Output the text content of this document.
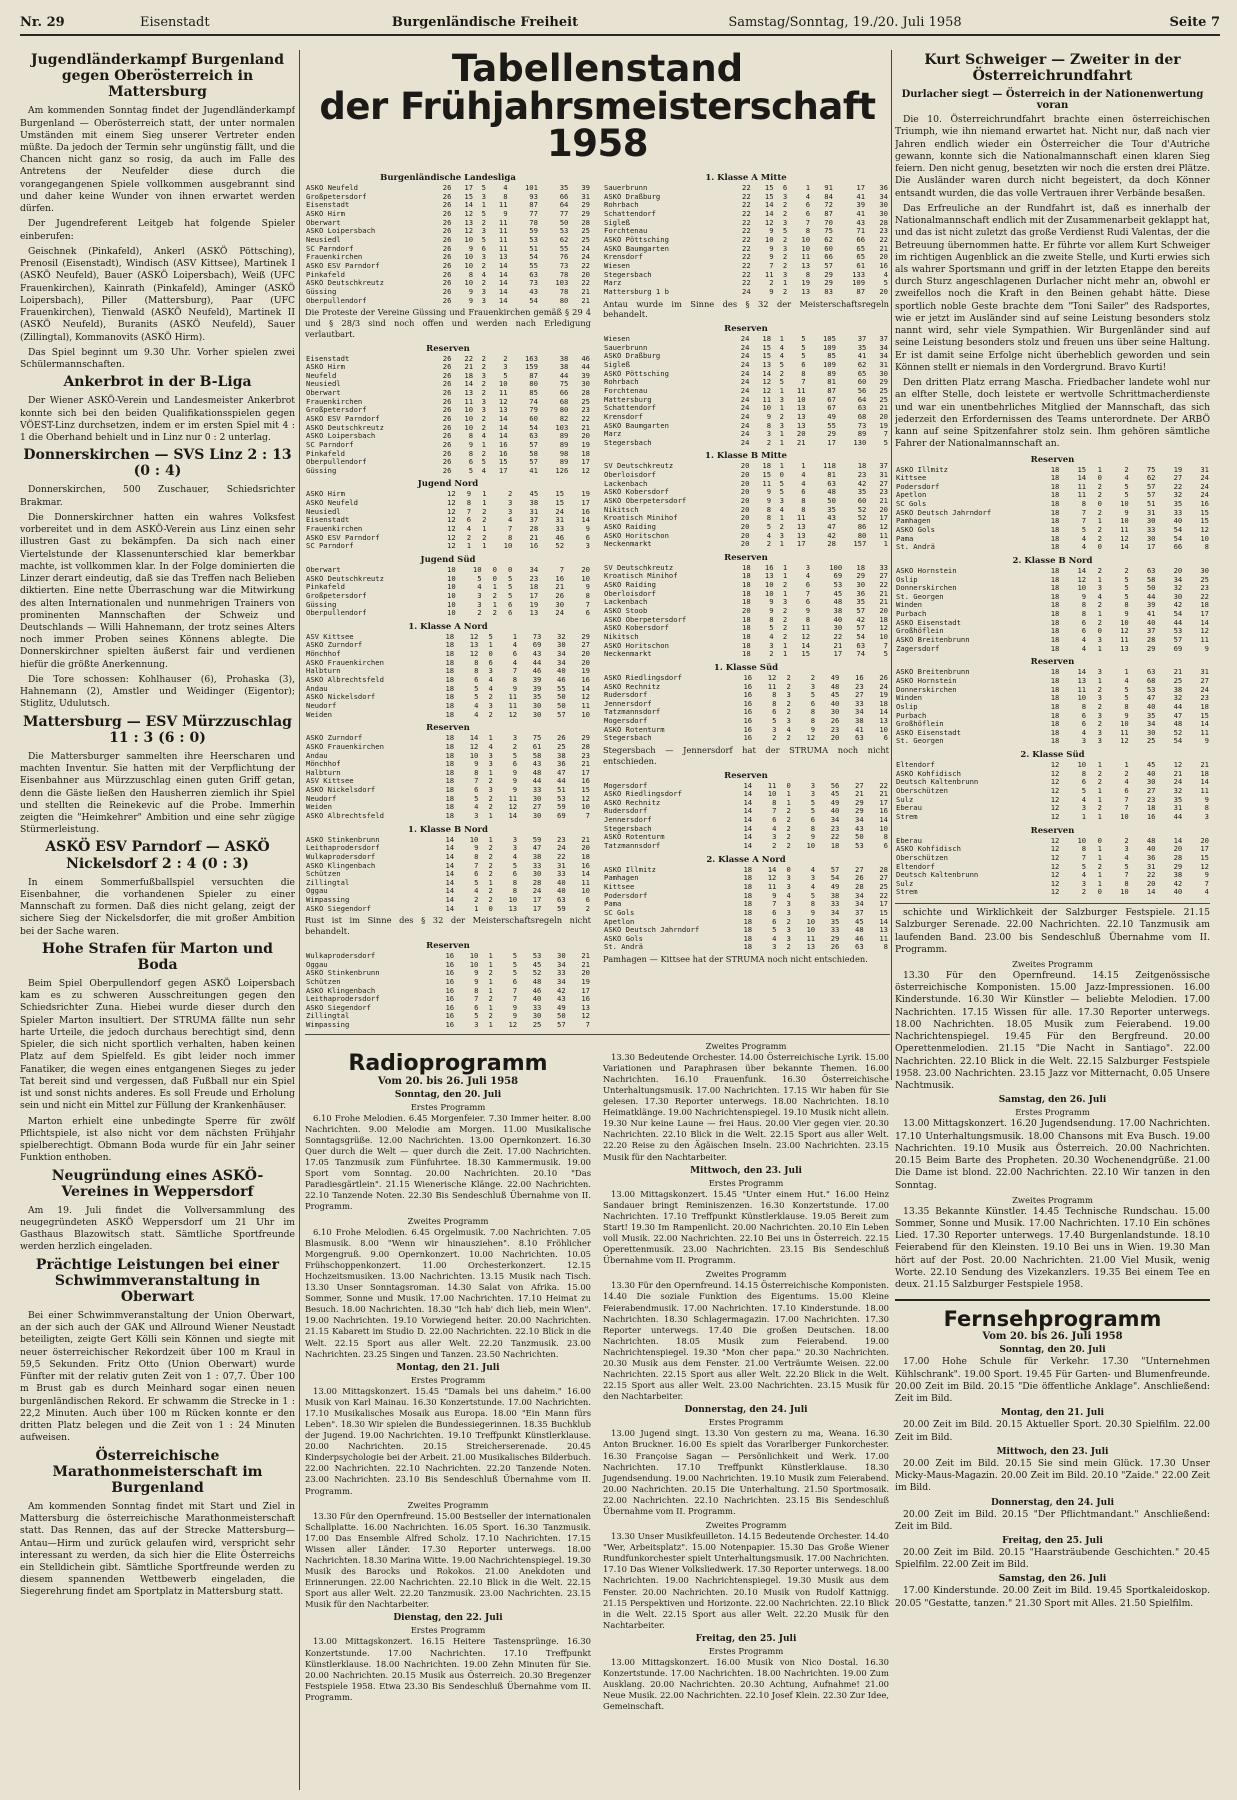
Nr. 29	Eisenstadt	Burgenländische Freiheit	Samstag/Sonntag, 19./20. Juli 1958	Seite 7
Jugendländerkampf Burgenland gegen Oberösterreich in Mattersburg

Am kommenden Sonntag findet der Jugendländerkampf Burgenland — Oberösterreich statt, der unter normalen Umständen mit einem Sieg unserer Vertreter enden müßte. Da jedoch der Termin sehr ungünstig fällt, und die Chancen nicht ganz so rosig, da auch im Falle des Antretens der Neufelder diese durch die vorangegangenen Spiele vollkommen ausgebrannt sind und daher keine Wunder von ihnen erwartet werden dürfen.

Der Jugendreferent Leitgeb hat folgende Spieler einberufen:

Geischnek (Pinkafeld), Ankerl (ASKÖ Pöttsching), Prenosil (Eisenstadt), Windisch (ASV Kittsee), Martinek I (ASKÖ Neufeld), Bauer (ASKÖ Loipersbach), Weiß (UFC Frauenkirchen), Kainrath (Pinkafeld), Aminger (ASKÖ Loipersbach), Piller (Mattersburg), Paar (UFC Frauenkirchen), Tienwald (ASKÖ Neufeld), Martinek II (ASKÖ Neufeld), Buranits (ASKÖ Neufeld), Sauer (Zillingtal), Kommanovits (ASKÖ Hirm).

Das Spiel beginnt um 9.30 Uhr. Vorher spielen zwei Schülermannschaften.

Ankerbrot in der B-Liga

Der Wiener ASKÖ-Verein und Landesmeister Ankerbrot konnte sich bei den beiden Qualifikationsspielen gegen VÖEST-Linz durchsetzen, indem er im ersten Spiel mit 4 : 1 die Oberhand behielt und in Linz nur 0 : 2 unterlag.

Donnerskirchen — SVS Linz 2 : 13 (0 : 4)

Donnerskirchen, 500 Zuschauer, Schiedsrichter Brakmar.

Die Donnerskirchner hatten ein wahres Volksfest vorbereitet und in dem ASKÖ-Verein aus Linz einen sehr illustren Gast zu bekämpfen. Da sich nach einer Viertelstunde der Klassenunterschied klar bemerkbar machte, ist vollkommen klar. In der Folge dominierten die Linzer derart eindeutig, daß sie das Treffen nach Belieben diktierten. Eine nette Überraschung war die Mitwirkung des alten Internationalen und nunmehrigen Trainers von prominenten Mannschaften der Schweiz und Deutschlands — Willi Hahnemann, der trotz seines Alters noch immer Proben seines Könnens ablegte. Die Donnerskirchner spielten äußerst fair und verdienen hiefür die größte Anerkennung.

Die Tore schossen: Kohlhauser (6), Prohaska (3), Hahnemann (2), Amstler und Weidinger (Eigentor); Stiglitz, Udulutsch.

Mattersburg — ESV Mürzzuschlag 11 : 3 (6 : 0)

Die Mattersburger sammelten ihre Heerscharen und machten Inventur. Sie hatten mit der Verpflichtung der Eisenbahner aus Mürzzuschlag einen guten Griff getan, denn die Gäste ließen den Hausherren ziemlich ihr Spiel und stellten die Reinekevic auf die Probe. Immerhin zeigten die "Heimkehrer" Ambition und eine sehr zügige Stürmerleistung.

ASKÖ ESV Parndorf — ASKÖ Nickelsdorf 2 : 4 (0 : 3)

In einem Sommerfußballspiel versuchten die Eisenbahner, die vorhandenen Spieler zu einer Mannschaft zu formen. Daß dies nicht gelang, zeigt der sichere Sieg der Nickelsdorfer, die mit großer Ambition bei der Sache waren.

Hohe Strafen für Marton und Boda

Beim Spiel Oberpullendorf gegen ASKÖ Loipersbach kam es zu schweren Ausschreitungen gegen den Schiedsrichter Zuna. Hiebei wurde dieser durch den Spieler Marton insultiert. Der STRUMA fällte nun sehr harte Urteile, die jedoch durchaus berechtigt sind, denn Spieler, die sich nicht sportlich verhalten, haben keinen Platz auf dem Spielfeld. Es gibt leider noch immer Fanatiker, die wegen eines entgangenen Sieges zu jeder Tat bereit sind und vergessen, daß Fußball nur ein Spiel ist und sonst nichts anderes. Es soll Freude und Erholung sein und nicht ein Mittel zur Füllung der Krankenhäuser.

Marton erhielt eine unbedingte Sperre für zwölf Pflichtspiele, ist also nicht vor dem nächsten Frühjahr spielberechtigt. Obmann Boda wurde für ein Jahr seiner Funktion enthoben.

Neugründung eines ASKÖ-Vereines in Weppersdorf

Am 19. Juli findet die Vollversammlung des neugegründeten ASKÖ Weppersdorf um 21 Uhr im Gasthaus Blazowitsch statt. Sämtliche Sportfreunde werden herzlich eingeladen.

Prächtige Leistungen bei einer Schwimmveranstaltung in Oberwart

Bei einer Schwimmveranstaltung der Union Oberwart, an der sich auch der GAK und Allround Wiener Neustadt beteiligten, zeigte Gert Kölli sein Können und siegte mit neuer österreichischer Rekordzeit über 100 m Kraul in 59,5 Sekunden. Fritz Otto (Union Oberwart) wurde Fünfter mit der relativ guten Zeit von 1 : 07,7. Über 100 m Brust gab es durch Meinhard sogar einen neuen burgenländischen Rekord. Er schwamm die Strecke in 1 : 22,2 Minuten. Auch über 100 m Rücken konnte er den dritten Platz belegen und die Zeit von 1 : 24 Minuten aufweisen.

Österreichische Marathonmeisterschaft im Burgenland

Am kommenden Sonntag findet mit Start und Ziel in Mattersburg die österreichische Marathonmeisterschaft statt. Das Rennen, das auf der Strecke Mattersburg—Antau—Hirm und zurück gelaufen wird, verspricht sehr interessant zu werden, da sich hier die Elite Österreichs ein Stelldichein gibt. Sämtliche Sportfreunde werden zu diesem spannenden Wettbewerb eingeladen, die Siegerehrung findet am Sportplatz in Mattersburg statt.

Tabellenstand
der Frühjahrsmeisterschaft 1958
Burgenländische Landesliga
ASKÖ Neufeld	26	17	5	4	101	35	39
Großpetersdorf	26	15	3	8	93	66	31
Eisenstadt	26	14	1	11	87	64	29
ASKÖ Hirm	26	12	5	9	77	77	29
Oberwart	26	13	2	11	78	50	28
ASKÖ Loipersbach	26	12	3	11	59	53	25
Neusiedl	26	10	5	11	53	62	25
SC Parndorf	26	9	6	11	51	55	24
Frauenkirchen	26	10	3	13	54	76	24
ASKÖ ESV Parndorf	26	10	2	14	55	73	22
Pinkafeld	26	8	4	14	63	78	20
ASKÖ Deutschkreutz	26	10	2	14	73	103	22
Güssing	26	9	3	14	43	78	21
Oberpullendorf	26	9	3	14	54	80	21
Die Proteste der Vereine Güssing und Frauenkirchen gemäß § 29 4 und § 28/3 sind noch offen und werden nach Erledigung verlautbart.
Reserven
Eisenstadt	26	22	2	2	163	38	46
ASKÖ Hirm	26	21	2	3	159	38	44
Neufeld	26	18	3	5	87	44	39
Neusiedl	26	14	2	10	80	75	30
Oberwart	26	13	2	11	85	66	28
Frauenkirchen	26	11	3	12	74	68	25
Großpetersdorf	26	10	3	13	79	80	23
ASKÖ ESV Parndorf	26	10	2	14	60	82	22
ASKÖ Deutschkreutz	26	10	2	14	54	103	21
ASKÖ Loipersbach	26	8	4	14	63	89	20
SC Parndorf	26	9	1	16	57	89	19
Pinkafeld	26	8	2	16	58	98	18
Oberpullendorf	26	6	5	15	57	89	17
Güssing	26	5	4	17	41	126	12
Jugend Nord
ASKÖ Hirm	12	9	1	2	45	15	19
ASKÖ Neufeld	12	8	1	3	38	15	17
Neusiedl	12	7	2	3	31	24	16
Eisenstadt	12	6	2	4	37	31	14
Frauenkirchen	12	4	1	7	28	33	9
ASKÖ ESV Parndorf	12	2	2	8	21	46	6
SC Parndorf	12	1	1	10	16	52	3
Jugend Süd
Oberwart	10	10	0	0	34	7	20
ASKÖ Deutschkreutz	10	5	0	5	23	16	10
Pinkafeld	10	4	1	5	18	21	9
Großpetersdorf	10	3	2	5	17	26	8
Güssing	10	3	1	6	19	30	7
Oberpullendorf	10	2	2	6	13	24	6
1. Klasse A Nord
ASV Kittsee	18	12	5	1	73	32	29
ASKÖ Zurndorf	18	13	1	4	69	30	27
Mönchhof	18	12	0	6	43	34	20
ASKÖ Frauenkirchen	18	8	6	4	44	34	20
Halbturn	18	8	3	7	46	40	19
ASKÖ Albrechtsfeld	18	6	4	8	39	46	16
Andau	18	5	4	9	39	55	14
ASKÖ Nickelsdorf	18	5	2	11	35	50	12
Neudorf	18	4	3	11	30	50	11
Weiden	18	4	2	12	30	57	10
Reserven
ASKÖ Zurndorf	18	14	1	3	75	26	29
ASKÖ Frauenkirchen	18	12	4	2	61	25	28
Andau	18	10	3	5	58	38	23
Mönchhof	18	9	3	6	43	36	21
Halbturn	18	8	1	9	48	47	17
ASV Kittsee	18	7	2	9	44	44	16
ASKÖ Nickelsdorf	18	6	3	9	33	51	15
Neudorf	18	5	2	11	30	53	12
Weiden	18	4	2	12	27	59	10
ASKÖ Albrechtsfeld	18	3	1	14	30	69	7
1. Klasse B Nord
ASKÖ Stinkenbrunn	14	10	1	3	59	23	21
Leithaprodersdorf	14	9	2	3	47	24	20
Wulkaprodersdorf	14	8	2	4	38	22	18
ASKÖ Klingenbach	14	7	2	5	33	31	16
Schützen	14	6	2	6	30	33	14
Zillingtal	14	5	1	8	28	40	11
Oggau	14	4	2	8	24	40	10
Wimpassing	14	2	2	10	17	63	6
ASKÖ Siegendorf	14	1	0	13	17	59	2
Rust ist im Sinne des § 32 der Meisterschaftsregeln nicht behandelt.
Reserven
Wulkaprodersdorf	16	10	1	5	53	30	21
Oggau	16	10	1	5	45	34	21
ASKÖ Stinkenbrunn	16	9	2	5	52	33	20
Schützen	16	9	1	6	48	34	19
ASKÖ Klingenbach	16	8	1	7	46	42	17
Leithaprodersdorf	16	7	2	7	40	43	16
ASKÖ Siegendorf	16	6	1	9	33	49	13
Zillingtal	16	5	2	9	30	50	12
Wimpassing	16	3	1	12	25	57	7
1. Klasse A Mitte
Sauerbrunn	22	15	6	1	91	17	36
ASKÖ Draßburg	22	15	3	4	84	41	34
Rohrbach	22	14	2	6	72	39	30
Schattendorf	22	14	2	6	87	41	30
Sigleß	22	12	3	7	70	43	28
Forchtenau	22	9	5	8	75	71	23
ASKÖ Pöttsching	22	10	2	10	62	66	22
ASKÖ Baumgarten	22	9	3	10	60	65	21
Krensdorf	22	9	2	11	66	65	20
Wiesen	22	7	2	13	57	61	16
Stegersbach	22	11	3	8	29	133	4
Marz	22	2	1	19	29	109	5
Mattersburg 1 b	24	9	2	13	83	87	20
Antau wurde im Sinne des § 32 der Meisterschaftsregeln behandelt.
Reserven
Wiesen	24	18	1	5	105	37	37
Sauerbrunn	24	15	4	5	109	35	34
ASKÖ Draßburg	24	15	4	5	85	41	34
Sigleß	24	13	5	6	109	62	31
ASKÖ Pöttsching	24	14	2	8	89	65	30
Rohrbach	24	12	5	7	81	60	29
Forchtenau	24	12	1	11	87	56	25
Mattersburg	24	11	3	10	67	64	25
Schattendorf	24	10	1	13	67	63	21
Krensdorf	24	9	2	13	49	68	20
ASKÖ Baumgarten	24	8	3	13	55	73	19
Marz	24	3	1	20	29	89	7
Stegersbach	24	2	1	21	17	130	5
1. Klasse B Mitte
SV Deutschkreutz	20	18	1	1	118	18	37
Oberloisdorf	20	15	0	4	81	23	31
Lackenbach	20	11	5	4	63	42	27
ASKÖ Kobersdorf	20	9	5	6	48	35	23
ASKÖ Oberpetersdorf	20	9	3	8	50	60	21
Nikitsch	20	8	4	8	35	52	20
Kroatisch Minihof	20	8	1	11	43	52	17
ASKÖ Raiding	20	5	2	13	47	86	12
ASKÖ Horitschon	20	4	3	13	42	80	11
Neckenmarkt	20	2	1	17	28	157	1
Reserven
SV Deutschkreutz	18	16	1	3	100	18	33
Kroatisch Minihof	18	13	1	4	69	29	27
ASKÖ Raiding	18	10	2	6	53	30	22
Oberloisdorf	18	10	1	7	45	36	21
Lackenbach	18	9	3	6	48	35	21
ASKÖ Stoob	20	9	2	9	38	57	20
ASKÖ Oberpetersdorf	18	8	2	8	40	42	18
ASKÖ Kobersdorf	18	5	2	11	30	57	12
Nikitsch	18	4	2	12	22	54	10
ASKÖ Horitschon	18	3	1	14	21	63	7
Neckenmarkt	18	2	1	15	17	74	5
1. Klasse Süd
ASKÖ Riedlingsdorf	16	12	2	2	49	16	26
ASKÖ Rechnitz	16	11	2	3	48	23	24
Rudersdorf	16	8	3	5	45	27	19
Jennersdorf	16	8	2	6	40	33	18
Tatzmannsdorf	16	6	2	8	30	34	14
Mogersdorf	16	5	3	8	26	38	13
ASKÖ Rotenturm	16	3	4	9	23	41	10
Stegersbach	16	2	2	12	20	63	6
Stegersbach — Jennersdorf hat der STRUMA noch nicht entschieden.
Reserven
Mogersdorf	14	11	0	3	56	27	22
ASKÖ Riedlingsdorf	14	10	1	3	45	21	21
ASKÖ Rechnitz	14	8	1	5	49	29	17
Rudersdorf	14	7	2	5	40	29	16
Jennersdorf	14	6	2	6	34	34	14
Stegersbach	14	4	2	8	23	43	10
ASKÖ Rotenturm	14	3	2	9	22	50	8
Tatzmannsdorf	14	2	2	10	18	53	6
2. Klasse A Nord
ASKÖ Illmitz	18	14	0	4	57	27	28
Pamhagen	18	12	3	3	54	26	27
Kittsee	18	11	3	4	49	28	25
Podersdorf	18	9	4	5	38	34	22
Pama	18	7	3	8	33	34	17
SC Gols	18	6	3	9	34	37	15
Apetlon	18	6	2	10	35	45	14
ASKÖ Deutsch Jahrndorf	18	5	3	10	33	48	13
ASKÖ Gols	18	4	3	11	29	46	11
St. Andrä	18	3	2	13	26	63	8
Pamhagen — Kittsee hat der STRUMA noch nicht entschieden.
Radioprogramm
Vom 20. bis 26. Juli 1958
Sonntag, den 20. Juli
Erstes Programm

6.10 Frohe Melodien. 6.45 Morgenfeier. 7.30 Immer heiter. 8.00 Nachrichten. 9.00 Melodie am Morgen. 11.00 Musikalische Sonntagsgrüße. 12.00 Nachrichten. 13.00 Opernkonzert. 16.30 Quer durch die Welt — quer durch die Zeit. 17.00 Nachrichten. 17.05 Tanzmusik zum Fünfuhrtee. 18.30 Kammermusik. 19.00 Sport vom Sonntag. 20.00 Nachrichten. 20.10 "Das Paradiesgärtlein". 21.15 Wienerische Klänge. 22.00 Nachrichten. 22.10 Tanzende Noten. 22.30 Bis Sendeschluß Übernahme von II. Programm.

Zweites Programm

6.10 Frohe Melodien. 6.45 Orgelmusik. 7.00 Nachrichten. 7.05 Blasmusik. 8.00 "Wenn wir hinausziehen". 8.10 Fröhlicher Morgengruß. 9.00 Opernkonzert. 10.00 Nachrichten. 10.05 Frühschoppenkonzert. 11.00 Orchesterkonzert. 12.15 Hochzeitsmusiken. 13.00 Nachrichten. 13.15 Musik nach Tisch. 13.30 Unser Sonntagsroman. 14.30 Salat von Afrika. 15.00 Sommer, Sonne und Musik. 17.00 Nachrichten. 17.10 Heimat zu Besuch. 18.00 Nachrichten. 18.30 "Ich hab' dich lieb, mein Wien". 19.00 Nachrichten. 19.10 Vorwiegend heiter. 20.00 Nachrichten. 21.15 Kabarett im Studio D. 22.00 Nachrichten. 22.10 Blick in die Welt. 22.15 Sport aus aller Welt. 22.20 Tanzmusik. 23.00 Nachrichten. 23.25 Singen und Tanzen. 23.50 Nachrichten.

Montag, den 21. Juli
Erstes Programm

13.00 Mittagskonzert. 15.45 "Damals bei uns daheim." 16.00 Musik von Karl Mainau. 16.30 Konzertstunde. 17.00 Nachrichten. 17.10 Musikalisches Mosaik aus Europa. 18.00 "Ein Mann fürs Leben". 18.30 Wir spielen die Bundessiegerinnen. 18.35 Buchklub der Jugend. 19.00 Nachrichten. 19.10 Treffpunkt Künstlerklause. 20.00 Nachrichten. 20.15 Streicherserenade. 20.45 Kinderpsychologie bei der Arbeit. 21.00 Musikalisches Bilderbuch. 22.00 Nachrichten. 22.10 Nachrichten. 22.20 Tanzende Noten. 23.00 Nachrichten. 23.10 Bis Sendeschluß Übernahme vom II. Programm.

Zweites Programm

13.30 Für den Opernfreund. 15.00 Bestseller der internationalen Schallplatte. 16.00 Nachrichten. 16.05 Sport. 16.30 Tanzmusik. 17.00 Das Ensemble Alfred Scholz. 17.10 Nachrichten. 17.15 Wissen aller Länder. 17.30 Reporter unterwegs. 18.00 Nachrichten. 18.30 Marina Witte. 19.00 Nachrichtenspiegel. 19.30 Musik des Barocks und Rokokos. 21.00 Anekdoten und Erinnerungen. 22.00 Nachrichten. 22.10 Blick in die Welt. 22.15 Sport aus aller Welt. 22.20 Tanzmusik. 23.00 Nachrichten. 23.15 Musik für den Nachtarbeiter.

Dienstag, den 22. Juli
Erstes Programm

13.00 Mittagskonzert. 16.15 Heitere Tastensprünge. 16.30 Konzertstunde. 17.00 Nachrichten. 17.10 Treffpunkt Künstlerklause. 18.00 Nachrichten. 19.00 Zehn Minuten für Sie. 20.00 Nachrichten. 20.15 Musik aus Österreich. 20.30 Bregenzer Festspiele 1958. Etwa 23.30 Bis Sendeschluß Übernahme vom II. Programm.

Zweites Programm

13.30 Bedeutende Orchester. 14.00 Österreichische Lyrik. 15.00 Variationen und Paraphrasen über bekannte Themen. 16.00 Nachrichten. 16.10 Frauenfunk. 16.30 Österreichische Unterhaltungsmusik. 17.00 Nachrichten. 17.15 Wir haben für Sie gelesen. 17.30 Reporter unterwegs. 18.00 Nachrichten. 18.10 Heimatklänge. 19.00 Nachrichtenspiegel. 19.10 Musik nicht allein. 19.30 Nur keine Laune — frei Haus. 20.00 Vier gegen vier. 20.30 Nachrichten. 22.10 Blick in die Welt. 22.15 Sport aus aller Welt. 22.20 Reise zu den Ägäischen Inseln. 23.00 Nachrichten. 23.15 Musik für den Nachtarbeiter.

Mittwoch, den 23. Juli
Erstes Programm

13.00 Mittagskonzert. 15.45 "Unter einem Hut." 16.00 Heinz Sandauer bringt Reminiszenzen. 16.30 Konzertstunde. 17.00 Nachrichten. 17.10 Treffpunkt Künstlerklause. 19.05 Bereit zum Start! 19.30 Im Rampenlicht. 20.00 Nachrichten. 20.10 Ein Leben voll Musik. 22.00 Nachrichten. 22.10 Bei uns in Österreich. 22.15 Operettenmusik. 23.00 Nachrichten. 23.15 Bis Sendeschluß Übernahme vom II. Programm.

Zweites Programm

13.30 Für den Opernfreund. 14.15 Österreichische Komponisten. 14.40 Die soziale Funktion des Eigentums. 15.00 Kleine Feierabendmusik. 17.00 Nachrichten. 17.10 Kinderstunde. 18.00 Nachrichten. 18.30 Schlagermagazin. 17.00 Nachrichten. 17.30 Reporter unterwegs. 17.40 Die großen Deutschen. 18.00 Nachrichten. 18.05 Musik zum Feierabend. 19.00 Nachrichtenspiegel. 19.30 "Mon cher papa." 20.30 Nachrichten. 20.30 Musik aus dem Fenster. 21.00 Verträumte Weisen. 22.00 Nachrichten. 22.15 Sport aus aller Welt. 22.20 Blick in die Welt. 22.15 Sport aus aller Welt. 23.00 Nachrichten. 23.15 Musik für den Nachtarbeiter.

Donnerstag, den 24. Juli
Erstes Programm

13.00 Jugend singt. 13.30 Von gestern zu ma, Weana. 16.30 Anton Bruckner. 16.00 Es spielt das Vorarlberger Funkorchester. 16.30 Françoise Sagan — Persönlichkeit und Werk. 17.00 Nachrichten. 17.10 Treffpunkt Künstlerklause. 18.30 Jugendsendung. 19.00 Nachrichten. 19.10 Musik zum Feierabend. 20.00 Nachrichten. 20.15 Die Unterhaltung. 21.50 Sportmosaik. 22.00 Nachrichten. 22.10 Nachrichten. 23.15 Bis Sendeschluß Übernahme vom II. Programm.

Zweites Programm

13.30 Unser Musikfeuilleton. 14.15 Bedeutende Orchester. 14.40 "Wer, Arbeitsplatz". 15.00 Notenpapier. 15.30 Das Große Wiener Rundfunkorchester spielt Unterhaltungsmusik. 17.00 Nachrichten. 17.10 Das Wiener Volksliedwerk. 17.30 Reporter unterwegs. 18.00 Nachrichten. 19.00 Nachrichtenspiegel. 19.30 Musik aus dem Fenster. 20.00 Nachrichten. 20.10 Musik von Rudolf Kattnigg. 21.15 Perspektiven und Horizonte. 22.00 Nachrichten. 22.10 Blick in die Welt. 22.15 Sport aus aller Welt. 22.20 Musik für den Nachtarbeiter.

Freitag, den 25. Juli
Erstes Programm

13.00 Mittagskonzert. 16.00 Musik von Nico Dostal. 16.30 Konzertstunde. 17.00 Nachrichten. 18.00 Nachrichten. 19.00 Zum Ausklang. 20.00 Nachrichten. 20.30 Achtung, Aufnahme! 21.00 Neue Musik. 22.00 Nachrichten. 22.10 Josef Klein. 22.30 Zur Idee, Gemeinschaft.

Kurt Schweiger — Zweiter in der Österreichrundfahrt
Durlacher siegt — Österreich in der Nationenwertung voran

Die 10. Österreichrundfahrt brachte einen österreichischen Triumph, wie ihn niemand erwartet hat. Nicht nur, daß nach vier Jahren endlich wieder ein Österreicher die Tour d'Autriche gewann, konnte sich die Nationalmannschaft einen klaren Sieg feiern. Den nicht genug, besetzten wir noch die ersten drei Plätze. Die Ausländer waren durch nicht begeistert, da doch Könner entsandt wurden, die das volle Vertrauen ihrer Verbände besaßen.

Das Erfreuliche an der Rundfahrt ist, daß es innerhalb der Nationalmannschaft endlich mit der Zusammenarbeit geklappt hat, und das ist nicht zuletzt das große Verdienst Rudi Valentas, der die Betreuung übernommen hatte. Er führte vor allem Kurt Schweiger im richtigen Augenblick an die zweite Stelle, und Kurti erwies sich als wahrer Sportsmann und griff in der letzten Etappe den bereits durch Sturz angeschlagenen Durlacher nicht mehr an, obwohl er zweifellos noch die Kraft in den Beinen gehabt hätte. Diese sportlich noble Geste brachte dem "Toni Sailer" des Radsportes, wie er jetzt im Ausländer sind auf seine Leistung besonders stolz nannt wird, sehr viele Sympathien. Wir Burgenländer sind auf seine Leistung besonders stolz und freuen uns über seine Haltung. Er ist damit seine Erfolge nicht überheblich geworden und sein Können stellt er niemals in den Vordergrund. Bravo Kurti!

Den dritten Platz errang Mascha. Friedbacher landete wohl nur an elfter Stelle, doch leistete er wertvolle Schrittmacherdienste und war ein unentbehrliches Mitglied der Mannschaft, das sich jederzeit den Erfordernissen des Teams unterordnete. Der ARBÖ kann auf seine Spitzenfahrer stolz sein. Ihm gehören sämtliche Fahrer der Nationalmannschaft an.

Reserven
ASKÖ Illmitz	18	15	1	2	75	19	31
Kittsee	18	14	0	4	62	27	24
Podersdorf	18	11	2	5	57	22	24
Apetlon	18	11	2	5	57	32	24
SC Gols	18	8	0	10	51	35	16
ASKÖ Deutsch Jahrndorf	18	7	2	9	31	33	15
Pamhagen	18	7	1	10	30	40	15
ASKÖ Gols	18	5	2	11	33	54	12
Pama	18	4	2	12	30	54	10
St. Andrä	18	4	0	14	17	66	8
2. Klasse B Nord
ASKÖ Hornstein	18	14	2	2	63	20	30
Oslip	18	12	1	5	58	34	25
Donnerskirchen	18	10	3	5	50	32	23
St. Georgen	18	9	4	5	44	30	22
Winden	18	8	2	8	39	42	18
Purbach	18	8	1	9	41	54	17
ASKÖ Eisenstadt	18	6	2	10	40	44	14
Großhöflein	18	6	0	12	37	53	12
ASKÖ Breitenbrunn	18	4	3	11	28	57	11
Zagersdorf	18	4	1	13	29	69	9
Reserven
ASKÖ Breitenbrunn	18	14	3	1	63	21	31
ASKÖ Hornstein	18	13	1	4	68	25	27
Donnerskirchen	18	11	2	5	53	38	24
Winden	18	10	3	5	47	32	23
Oslip	18	8	2	8	40	44	18
Purbach	18	6	3	9	35	47	15
Großhöflein	18	6	2	10	34	48	14
ASKÖ Eisenstadt	18	4	3	11	30	52	11
St. Georgen	18	3	3	12	25	54	9
2. Klasse Süd
Eltendorf	12	10	1	1	45	12	21
ASKÖ Kohfidisch	12	8	2	2	40	21	18
Deutsch Kaltenbrunn	12	6	2	4	30	24	14
Oberschützen	12	5	1	6	27	32	11
Sulz	12	4	1	7	23	35	9
Eberau	12	3	2	7	18	31	8
Strem	12	1	1	10	16	44	3
Reserven
Eberau	12	10	0	2	48	14	20
ASKÖ Kohfidisch	12	8	1	3	40	20	17
Oberschützen	12	7	1	4	36	28	15
Eltendorf	12	5	2	5	31	29	12
Deutsch Kaltenbrunn	12	4	1	7	22	38	9
Sulz	12	3	1	8	20	42	7
Strem	12	2	0	10	14	40	4

schichte und Wirklichkeit der Salzburger Festspiele. 21.15 Salzburger Serenade. 22.00 Nachrichten. 22.10 Tanzmusik am laufenden Band. 23.00 bis Sendeschluß Übernahme vom II. Programm.

Zweites Programm

13.30 Für den Opernfreund. 14.15 Zeitgenössische österreichische Komponisten. 15.00 Jazz-Impressionen. 16.00 Kinderstunde. 16.30 Wir Künstler — beliebte Melodien. 17.00 Nachrichten. 17.15 Wissen für alle. 17.30 Reporter unterwegs. 18.00 Nachrichten. 18.05 Musik zum Feierabend. 19.00 Nachrichtenspiegel. 19.45 Für den Bergfreund. 20.00 Operettenmelodien. 21.15 "Die Nacht in Santiago". 22.00 Nachrichten. 22.10 Blick in die Welt. 22.15 Salzburger Festspiele 1958. 23.00 Nachrichten. 23.15 Jazz vor Mitternacht, 0.05 Unsere Nachtmusik.

Samstag, den 26. Juli
Erstes Programm

13.00 Mittagskonzert. 16.20 Jugendsendung. 17.00 Nachrichten. 17.10 Unterhaltungsmusik. 18.00 Chansons mit Eva Busch. 19.00 Nachrichten. 19.10 Musik aus Österreich. 20.00 Nachrichten. 20.15 Beim Barte des Propheten. 20.30 Wochenendgrüße. 21.00 Die Dame ist blond. 22.00 Nachrichten. 22.10 Wir tanzen in den Sonntag.

Zweites Programm

13.35 Bekannte Künstler. 14.45 Technische Rundschau. 15.00 Sommer, Sonne und Musik. 17.00 Nachrichten. 17.10 Ein schönes Lied. 17.30 Reporter unterwegs. 17.40 Burgenlandstunde. 18.10 Feierabend für den Kleinsten. 19.10 Bei uns in Wien. 19.30 Man hört auf der Post. 20.00 Nachrichten. 21.00 Viel Musik, wenig Worte. 22.10 Sendung des Vizekanzlers. 19.35 Bei einem Tee en deux. 21.15 Salzburger Festspiele 1958.

Fernsehprogramm
Vom 20. bis 26. Juli 1958
Sonntag, den 20. Juli

17.00 Hohe Schule für Verkehr. 17.30 "Unternehmen Kühlschrank". 19.00 Sport. 19.45 Für Garten- und Blumenfreunde. 20.00 Zeit im Bild. 20.15 "Die öffentliche Anklage". Anschließend: Zeit im Bild.

Montag, den 21. Juli

20.00 Zeit im Bild. 20.15 Aktueller Sport. 20.30 Spielfilm. 22.00 Zeit im Bild.

Mittwoch, den 23. Juli

20.00 Zeit im Bild. 20.15 Sie sind mein Glück. 17.30 Unser Micky-Maus-Magazin. 20.00 Zeit im Bild. 20.10 "Zaide." 22.00 Zeit im Bild.

Donnerstag, den 24. Juli

20.00 Zeit im Bild. 20.15 "Der Pflichtmandant." Anschließend: Zeit im Bild.

Freitag, den 25. Juli

20.00 Zeit im Bild. 20.15 "Haarsträubende Geschichten." 20.45 Spielfilm. 22.00 Zeit im Bild.

Samstag, den 26. Juli

17.00 Kinderstunde. 20.00 Zeit im Bild. 19.45 Sportkaleidoskop. 20.05 "Gestatte, tanzen." 21.30 Sport mit Alles. 21.50 Spielfilm.
